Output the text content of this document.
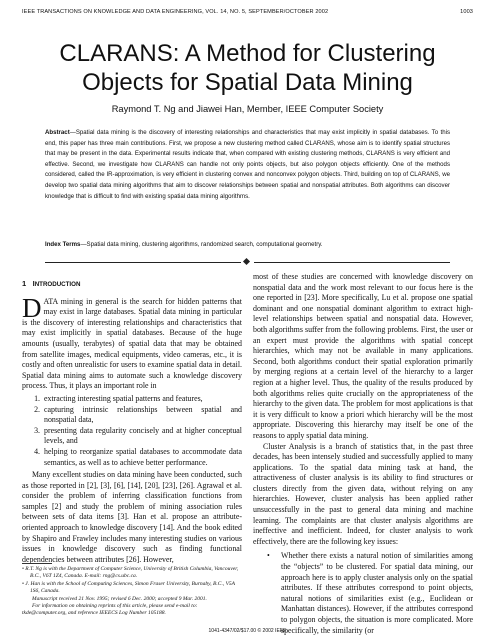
IEEE TRANSACTIONS ON KNOWLEDGE AND DATA ENGINEERING, VOL. 14, NO. 5, SEPTEMBER/OCTOBER 2002	1003
CLARANS: A Method for Clustering Objects for Spatial Data Mining
Raymond T. Ng and Jiawei Han, Member, IEEE Computer Society
Abstract—Spatial data mining is the discovery of interesting relationships and characteristics that may exist implicitly in spatial databases. To this end, this paper has three main contributions. First, we propose a new clustering method called CLARANS, whose aim is to identify spatial structures that may be present in the data. Experimental results indicate that, when compared with existing clustering methods, CLARANS is very efficient and effective. Second, we investigate how CLARANS can handle not only points objects, but also polygon objects efficiently. One of the methods considered, called the IR-approximation, is very efficient in clustering convex and nonconvex polygon objects. Third, building on top of CLARANS, we develop two spatial data mining algorithms that aim to discover relationships between spatial and nonspatial attributes. Both algorithms can discover knowledge that is difficult to find with existing spatial data mining algorithms.
Index Terms—Spatial data mining, clustering algorithms, randomized search, computational geometry.
1 INTRODUCTION

DATA mining in general is the search for hidden patterns that may exist in large databases. Spatial data mining in particular is the discovery of interesting relationships and characteristics that may exist implicitly in spatial databases. Because of the huge amounts (usually, terabytes) of spatial data that may be obtained from satellite images, medical equipments, video cameras, etc., it is costly and often unrealistic for users to examine spatial data in detail. Spatial data mining aims to automate such a knowledge discovery process. Thus, it plays an important role in

1. extracting interesting spatial patterns and features,
2. capturing intrinsic relationships between spatial and nonspatial data,
3. presenting data regularity concisely and at higher conceptual levels, and
4. helping to reorganize spatial databases to accommodate data semantics, as well as to achieve better performance.

Many excellent studies on data mining have been conducted, such as those reported in [2], [3], [6], [14], [20], [23], [26]. Agrawal et al. consider the problem of inferring classification functions from samples [2] and study the problem of mining association rules between sets of data items [3]. Han et al. propose an attribute-oriented approach to knowledge discovery [14]. And the book edited by Shapiro and Frawley includes many interesting studies on various issues in knowledge discovery such as finding functional dependencies between attributes [26]. However,

• R.T. Ng is with the Department of Computer Science, University of British Columbia, Vancouver, B.C., V6T 1Z4, Canada. E-mail: rng@cs.ubc.ca.

• J. Han is with the School of Computing Sciences, Simon Fraser University, Burnaby, B.C., V5A 1S6, Canada.

Manuscript received 21 Nov. 1995; revised 6 Dec. 2000; accepted 9 Mar. 2001.

For information on obtaining reprints of this article, please send e-mail to: tkde@computer.org, and reference IEEECS Log Number 105188.

most of these studies are concerned with knowledge discovery on nonspatial data and the work most relevant to our focus here is the one reported in [23]. More specifically, Lu et al. propose one spatial dominant and one nonspatial dominant algorithm to extract high-level relationships between spatial and nonspatial data. However, both algorithms suffer from the following problems. First, the user or an expert must provide the algorithms with spatial concept hierarchies, which may not be available in many applications. Second, both algorithms conduct their spatial exploration primarily by merging regions at a certain level of the hierarchy to a larger region at a higher level. Thus, the quality of the results produced by both algorithms relies quite crucially on the appropriateness of the hierarchy to the given data. The problem for most applications is that it is very difficult to know a priori which hierarchy will be the most appropriate. Discovering this hierarchy may itself be one of the reasons to apply spatial data mining.

Cluster Analysis is a branch of statistics that, in the past three decades, has been intensely studied and successfully applied to many applications. To the spatial data mining task at hand, the attractiveness of cluster analysis is its ability to find structures or clusters directly from the given data, without relying on any hierarchies. However, cluster analysis has been applied rather unsuccessfully in the past to general data mining and machine learning. The complaints are that cluster analysis algorithms are ineffective and inefficient. Indeed, for cluster analysis to work effectively, there are the following key issues:

• Whether there exists a natural notion of similarities among the “objects” to be clustered. For spatial data mining, our approach here is to apply cluster analysis only on the spatial attributes. If these attributes correspond to point objects, natural notions of similarities exist (e.g., Euclidean or Manhattan distances). However, if the attributes correspond to polygon objects, the situation is more complicated. More specifically, the similarity (or
1041-4347/02/$17.00 © 2002 IEEE
